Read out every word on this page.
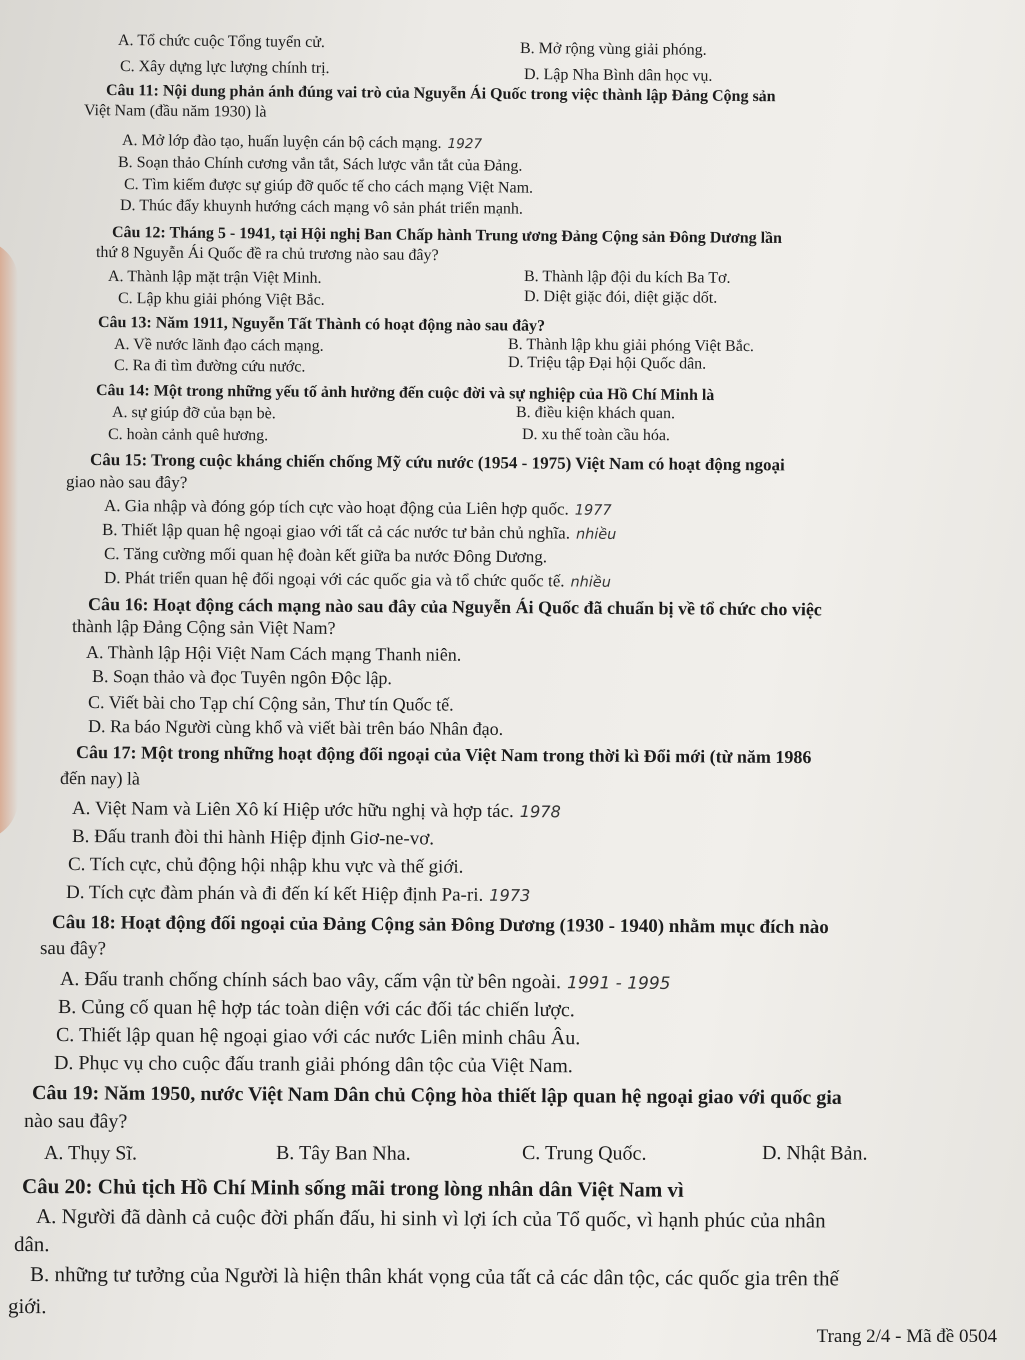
A. Tổ chức cuộc Tổng tuyển cử.	B. Mở rộng vùng giải phóng.
C. Xây dựng lực lượng chính trị.	D. Lập Nha Bình dân học vụ.
Câu 11: Nội dung phản ánh đúng vai trò của Nguyễn Ái Quốc trong việc thành lập Đảng Cộng sản
Việt Nam (đầu năm 1930) là
A. Mở lớp đào tạo, huấn luyện cán bộ cách mạng. 1927
B. Soạn thảo Chính cương vắn tắt, Sách lược vắn tắt của Đảng.
C. Tìm kiếm được sự giúp đỡ quốc tế cho cách mạng Việt Nam.
D. Thúc đẩy khuynh hướng cách mạng vô sản phát triển mạnh.
Câu 12: Tháng 5 - 1941, tại Hội nghị Ban Chấp hành Trung ương Đảng Cộng sản Đông Dương lần
thứ 8 Nguyễn Ái Quốc đề ra chủ trương nào sau đây?
A. Thành lập mặt trận Việt Minh.	B. Thành lập đội du kích Ba Tơ.
C. Lập khu giải phóng Việt Bắc.	D. Diệt giặc đói, diệt giặc dốt.
Câu 13: Năm 1911, Nguyễn Tất Thành có hoạt động nào sau đây?
A. Về nước lãnh đạo cách mạng.	B. Thành lập khu giải phóng Việt Bắc.
C. Ra đi tìm đường cứu nước.	D. Triệu tập Đại hội Quốc dân.
Câu 14: Một trong những yếu tố ảnh hưởng đến cuộc đời và sự nghiệp của Hồ Chí Minh là
A. sự giúp đỡ của bạn bè.	B. điều kiện khách quan.
C. hoàn cảnh quê hương.	D. xu thế toàn cầu hóa.
Câu 15: Trong cuộc kháng chiến chống Mỹ cứu nước (1954 - 1975) Việt Nam có hoạt động ngoại
giao nào sau đây?
A. Gia nhập và đóng góp tích cực vào hoạt động của Liên hợp quốc. 1977
B. Thiết lập quan hệ ngoại giao với tất cả các nước tư bản chủ nghĩa. nhiều
C. Tăng cường mối quan hệ đoàn kết giữa ba nước Đông Dương.
D. Phát triển quan hệ đối ngoại với các quốc gia và tổ chức quốc tế. nhiều
Câu 16: Hoạt động cách mạng nào sau đây của Nguyễn Ái Quốc đã chuẩn bị về tổ chức cho việc
thành lập Đảng Cộng sản Việt Nam?
A. Thành lập Hội Việt Nam Cách mạng Thanh niên.
B. Soạn thảo và đọc Tuyên ngôn Độc lập.
C. Viết bài cho Tạp chí Cộng sản, Thư tín Quốc tế.
D. Ra báo Người cùng khổ và viết bài trên báo Nhân đạo.
Câu 17: Một trong những hoạt động đối ngoại của Việt Nam trong thời kì Đổi mới (từ năm 1986
đến nay) là
A. Việt Nam và Liên Xô kí Hiệp ước hữu nghị và hợp tác. 1978
B. Đấu tranh đòi thi hành Hiệp định Giơ-ne-vơ.
C. Tích cực, chủ động hội nhập khu vực và thế giới.
D. Tích cực đàm phán và đi đến kí kết Hiệp định Pa-ri. 1973
Câu 18: Hoạt động đối ngoại của Đảng Cộng sản Đông Dương (1930 - 1940) nhằm mục đích nào
sau đây?
A. Đấu tranh chống chính sách bao vây, cấm vận từ bên ngoài. 1991 - 1995
B. Củng cố quan hệ hợp tác toàn diện với các đối tác chiến lược.
C. Thiết lập quan hệ ngoại giao với các nước Liên minh châu Âu.
D. Phục vụ cho cuộc đấu tranh giải phóng dân tộc của Việt Nam.
Câu 19: Năm 1950, nước Việt Nam Dân chủ Cộng hòa thiết lập quan hệ ngoại giao với quốc gia
nào sau đây?
A. Thụy Sĩ.	B. Tây Ban Nha.	C. Trung Quốc.	D. Nhật Bản.
Câu 20: Chủ tịch Hồ Chí Minh sống mãi trong lòng nhân dân Việt Nam vì
A. Người đã dành cả cuộc đời phấn đấu, hi sinh vì lợi ích của Tổ quốc, vì hạnh phúc của nhân
dân.
B. những tư tưởng của Người là hiện thân khát vọng của tất cả các dân tộc, các quốc gia trên thế
giới.
Trang 2/4 - Mã đề 0504
